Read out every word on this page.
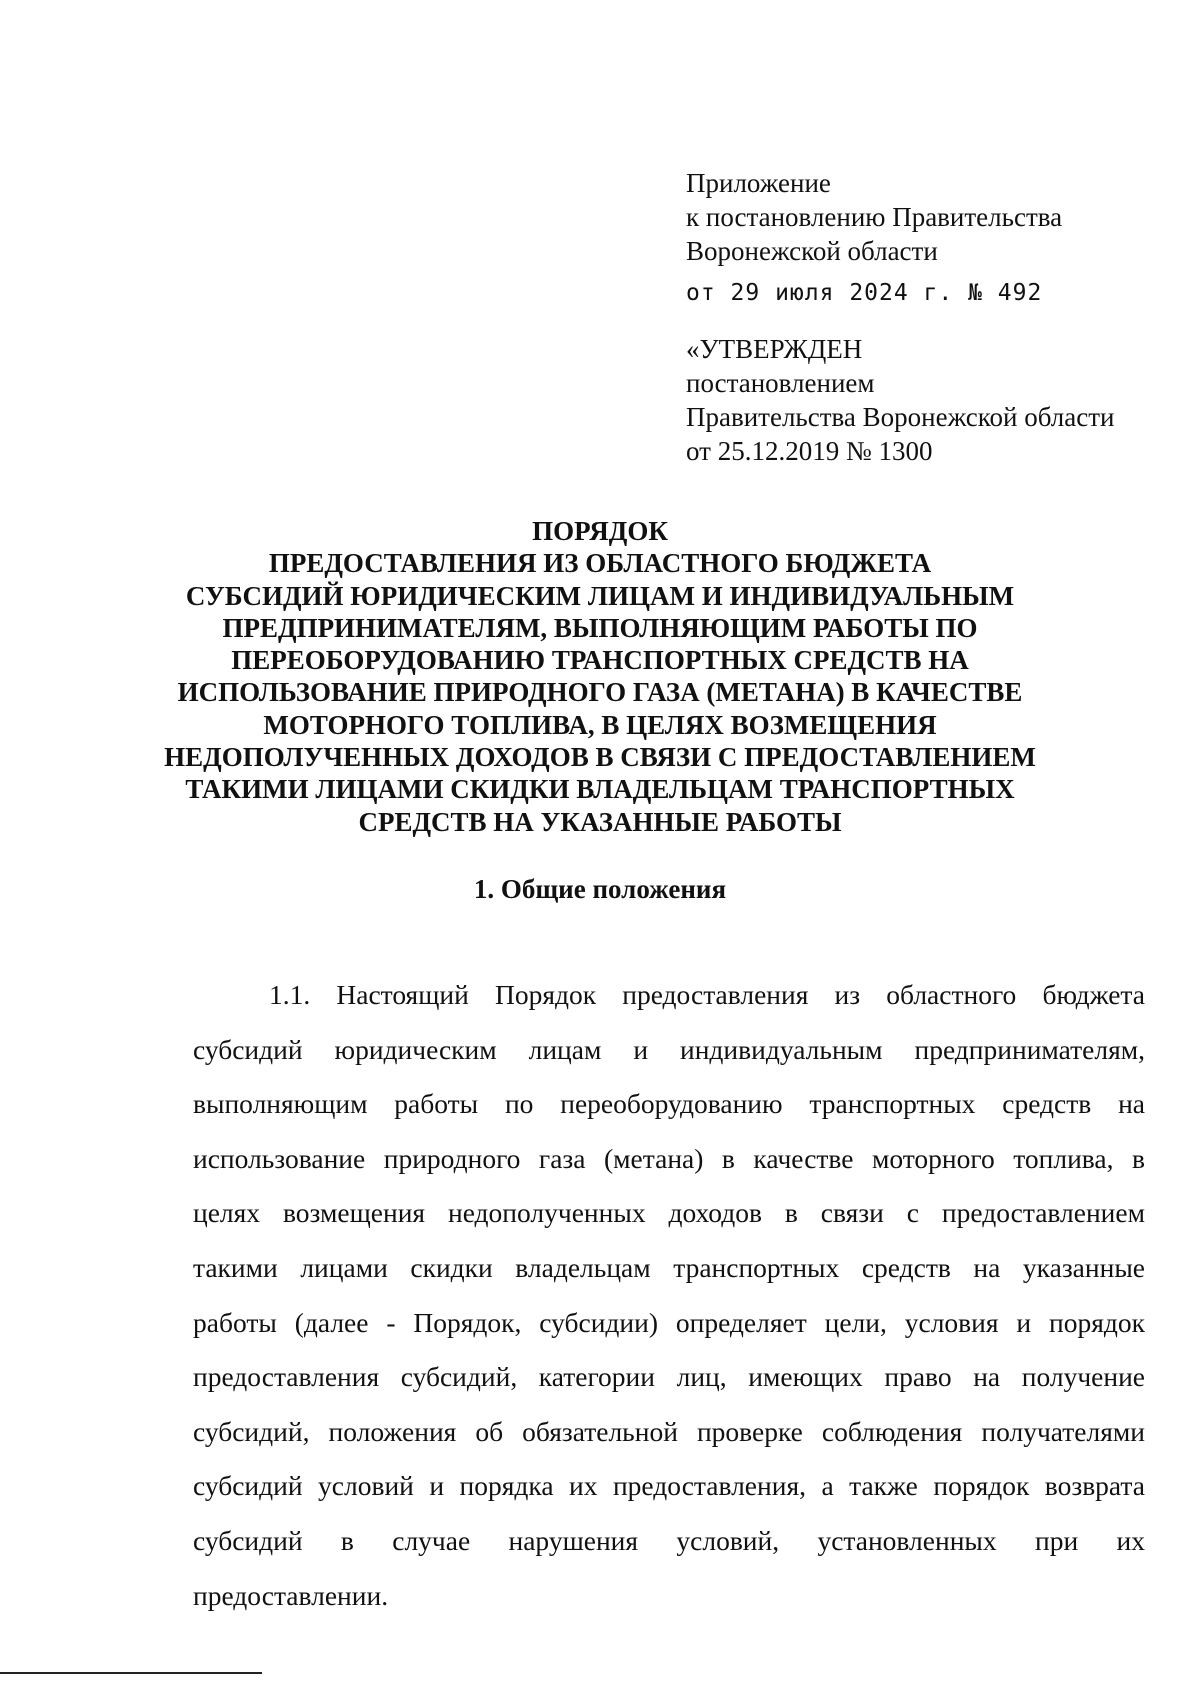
Приложение
к постановлению Правительства
Воронежской области
от 29 июля 2024 г. № 492
«УТВЕРЖДЕН
постановлением
Правительства Воронежской области
от 25.12.2019 № 1300
ПОРЯДОК
ПРЕДОСТАВЛЕНИЯ ИЗ ОБЛАСТНОГО БЮДЖЕТА
СУБСИДИЙ ЮРИДИЧЕСКИМ ЛИЦАМ И ИНДИВИДУАЛЬНЫМ
ПРЕДПРИНИМАТЕЛЯМ, ВЫПОЛНЯЮЩИМ РАБОТЫ ПО
ПЕРЕОБОРУДОВАНИЮ ТРАНСПОРТНЫХ СРЕДСТВ НА
ИСПОЛЬЗОВАНИЕ ПРИРОДНОГО ГАЗА (МЕТАНА) В КАЧЕСТВЕ
МОТОРНОГО ТОПЛИВА, В ЦЕЛЯХ ВОЗМЕЩЕНИЯ
НЕДОПОЛУЧЕННЫХ ДОХОДОВ В СВЯЗИ С ПРЕДОСТАВЛЕНИЕМ
ТАКИМИ ЛИЦАМИ СКИДКИ ВЛАДЕЛЬЦАМ ТРАНСПОРТНЫХ
СРЕДСТВ НА УКАЗАННЫЕ РАБОТЫ
1. Общие положения
1.1. Настоящий Порядок предоставления из областного бюджета
субсидий юридическим лицам и индивидуальным предпринимателям,
выполняющим работы по переоборудованию транспортных средств на
использование природного газа (метана) в качестве моторного топлива, в
целях возмещения недополученных доходов в связи с предоставлением
такими лицами скидки владельцам транспортных средств на указанные
работы (далее - Порядок, субсидии) определяет цели, условия и порядок
предоставления субсидий, категории лиц, имеющих право на получение
субсидий, положения об обязательной проверке соблюдения получателями
субсидий условий и порядка их предоставления, а также порядок возврата
субсидий в случае нарушения условий, установленных при их
предоставлении.
